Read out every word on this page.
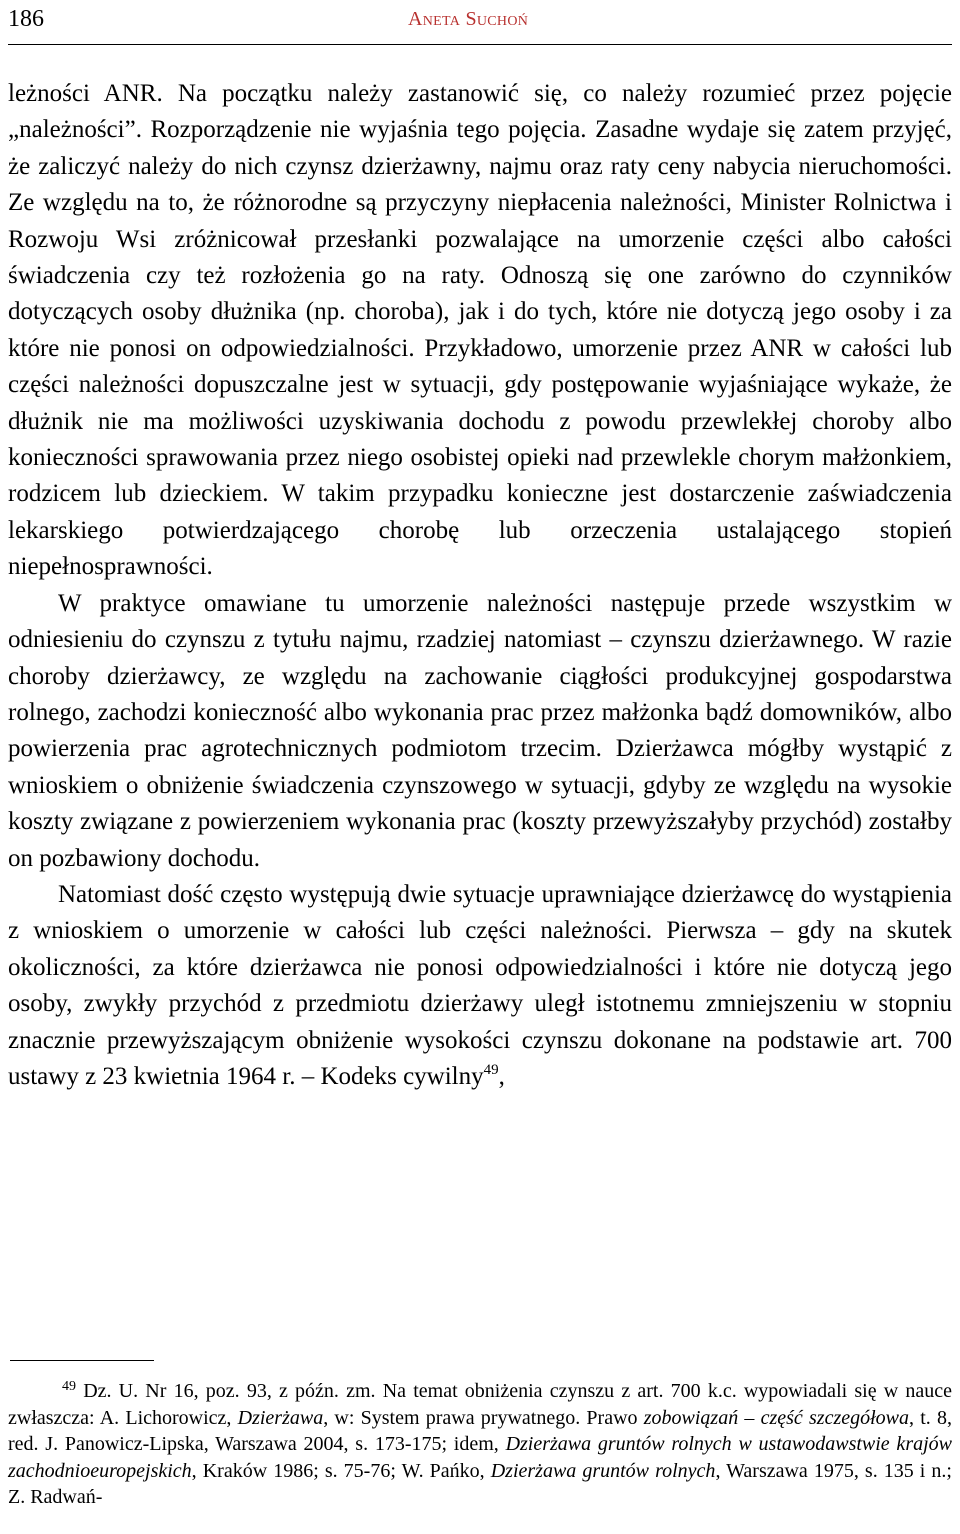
186	Aneta Suchoń

leżności ANR. Na początku należy zastanowić się, co należy rozumieć przez pojęcie „należności”. Rozporządzenie nie wyjaśnia tego pojęcia. Zasadne wydaje się zatem przyjęć, że zaliczyć należy do nich czynsz dzierżawny, najmu oraz raty ceny nabycia nieruchomości. Ze względu na to, że różnorodne są przyczyny niepłacenia należności, Minister Rolnictwa i Rozwoju Wsi zróżnicował przesłanki pozwalające na umorzenie części albo całości świadczenia czy też rozłożenia go na raty. Odnoszą się one zarówno do czynników dotyczących osoby dłużnika (np. choroba), jak i do tych, które nie dotyczą jego osoby i za które nie ponosi on odpowiedzialności. Przykładowo, umorzenie przez ANR w całości lub części należności dopuszczalne jest w sytuacji, gdy postępowanie wyjaśniające wykaże, że dłużnik nie ma możliwości uzyskiwania dochodu z powodu przewlekłej choroby albo konieczności sprawowania przez niego osobistej opieki nad przewlekle chorym małżonkiem, rodzicem lub dzieckiem. W takim przypadku konieczne jest dostarczenie zaświadczenia lekarskiego potwierdzającego chorobę lub orzeczenia ustalającego stopień niepełnosprawności.

W praktyce omawiane tu umorzenie należności następuje przede wszystkim w odniesieniu do czynszu z tytułu najmu, rzadziej natomiast – czynszu dzierżawnego. W razie choroby dzierżawcy, ze względu na zachowanie ciągłości produkcyjnej gospodarstwa rolnego, zachodzi konieczność albo wykonania prac przez małżonka bądź domowników, albo powierzenia prac agrotechnicznych podmiotom trzecim. Dzierżawca mógłby wystąpić z wnioskiem o obniżenie świadczenia czynszowego w sytuacji, gdyby ze względu na wysokie koszty związane z powierzeniem wykonania prac (koszty przewyższałyby przychód) zostałby on pozbawiony dochodu.

Natomiast dość często występują dwie sytuacje uprawniające dzierżawcę do wystąpienia z wnioskiem o umorzenie w całości lub części należności. Pierwsza – gdy na skutek okoliczności, za które dzierżawca nie ponosi odpowiedzialności i które nie dotyczą jego osoby, zwykły przychód z przedmiotu dzierżawy uległ istotnemu zmniejszeniu w stopniu znacznie przewyższającym obniżenie wysokości czynszu dokonane na podstawie art. 700 ustawy z 23 kwietnia 1964 r. – Kodeks cywilny$^{49}$,

$^{49}$ Dz. U. Nr 16, poz. 93, z późn. zm. Na temat obniżenia czynszu z art. 700 k.c. wypowiadali się w nauce zwłaszcza: A. Lichorowicz, Dzierżawa, w: System prawa prywatnego. Prawo zobowiązań – część szczegółowa, t. 8, red. J. Panowicz-Lipska, Warszawa 2004, s. 173-175; idem, Dzierżawa gruntów rolnych w ustawodawstwie krajów zachodnioeuropejskich, Kraków 1986; s. 75-76; W. Pańko, Dzierżawa gruntów rolnych, Warszawa 1975, s. 135 i n.; Z. Radwań-
